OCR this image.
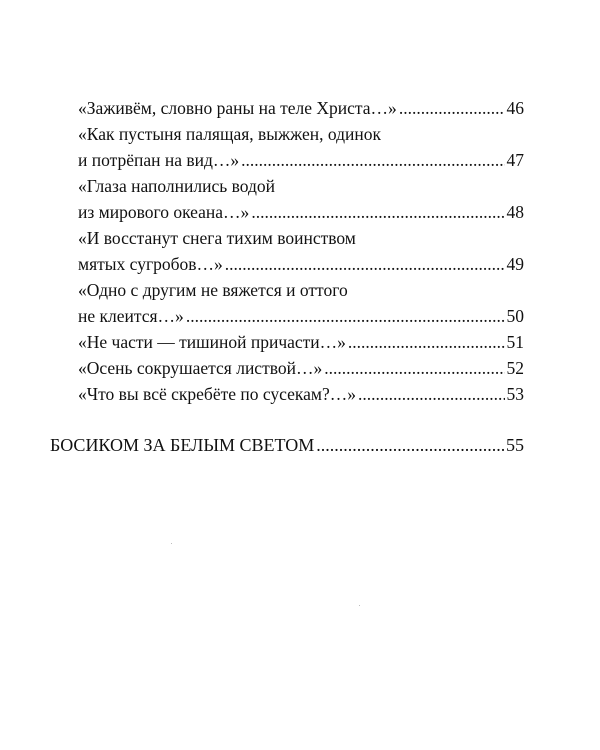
«Заживём, словно раны на теле Христа…» .....	46
«Как пустыня палящая, выжжен, одинок
и потрёпан на вид…» .....	47
«Глаза наполнились водой
из мирового океана…» .....	48
«И восстанут снега тихим воинством
мятых сугробов…» .....	49
«Одно с другим не вяжется и оттого
не клеится…» .....	50
«Не части — тишиной причасти…» .....	51
«Осень сокрушается листвой…» .....	52
«Что вы всё скребёте по сусекам?…» .....	53
БОСИКОМ ЗА БЕЛЫМ СВЕТОМ .....	55
